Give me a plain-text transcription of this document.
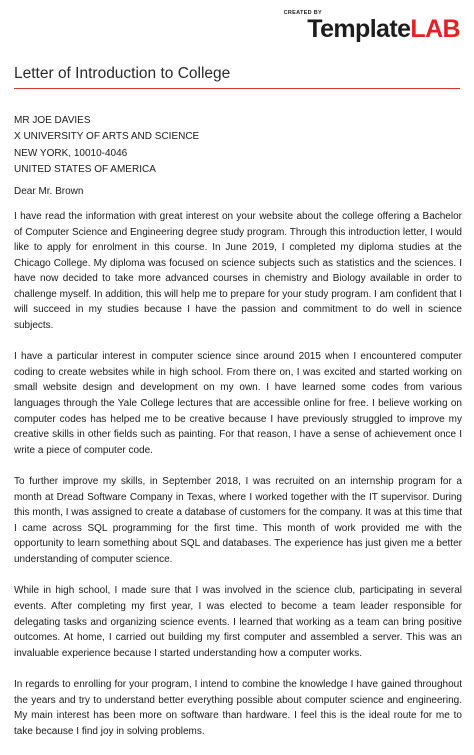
CREATED BY
TemplateLAB
Letter of Introduction to College
MR JOE DAVIES
X UNIVERSITY OF ARTS AND SCIENCE
NEW YORK, 10010-4046
UNITED STATES OF AMERICA
Dear Mr. Brown

I have read the information with great interest on your website about the college offering a Bachelor of Computer Science and Engineering degree study program. Through this introduction letter, I would like to apply for enrolment in this course. In June 2019, I completed my diploma studies at the Chicago College. My diploma was focused on science subjects such as statistics and the sciences. I have now decided to take more advanced courses in chemistry and Biology available in order to challenge myself. In addition, this will help me to prepare for your study program. I am confident that I will succeed in my studies because I have the passion and commitment to do well in science subjects.

I have a particular interest in computer science since around 2015 when I encountered computer coding to create websites while in high school. From there on, I was excited and started working on small website design and development on my own. I have learned some codes from various languages through the Yale College lectures that are accessible online for free. I believe working on computer codes has helped me to be creative because I have previously struggled to improve my creative skills in other fields such as painting. For that reason, I have a sense of achievement once I write a piece of computer code.

To further improve my skills, in September 2018, I was recruited on an internship program for a month at Dread Software Company in Texas, where I worked together with the IT supervisor. During this month, I was assigned to create a database of customers for the company. It was at this time that I came across SQL programming for the first time. This month of work provided me with the opportunity to learn something about SQL and databases. The experience has just given me a better understanding of computer science.

While in high school, I made sure that I was involved in the science club, participating in several events. After completing my first year, I was elected to become a team leader responsible for delegating tasks and organizing science events. I learned that working as a team can bring positive outcomes. At home, I carried out building my first computer and assembled a server. This was an invaluable experience because I started understanding how a computer works.

In regards to enrolling for your program, I intend to combine the knowledge I have gained throughout the years and try to understand better everything possible about computer science and engineering. My main interest has been more on software than hardware. I feel this is the ideal route for me to take because I find joy in solving problems.
